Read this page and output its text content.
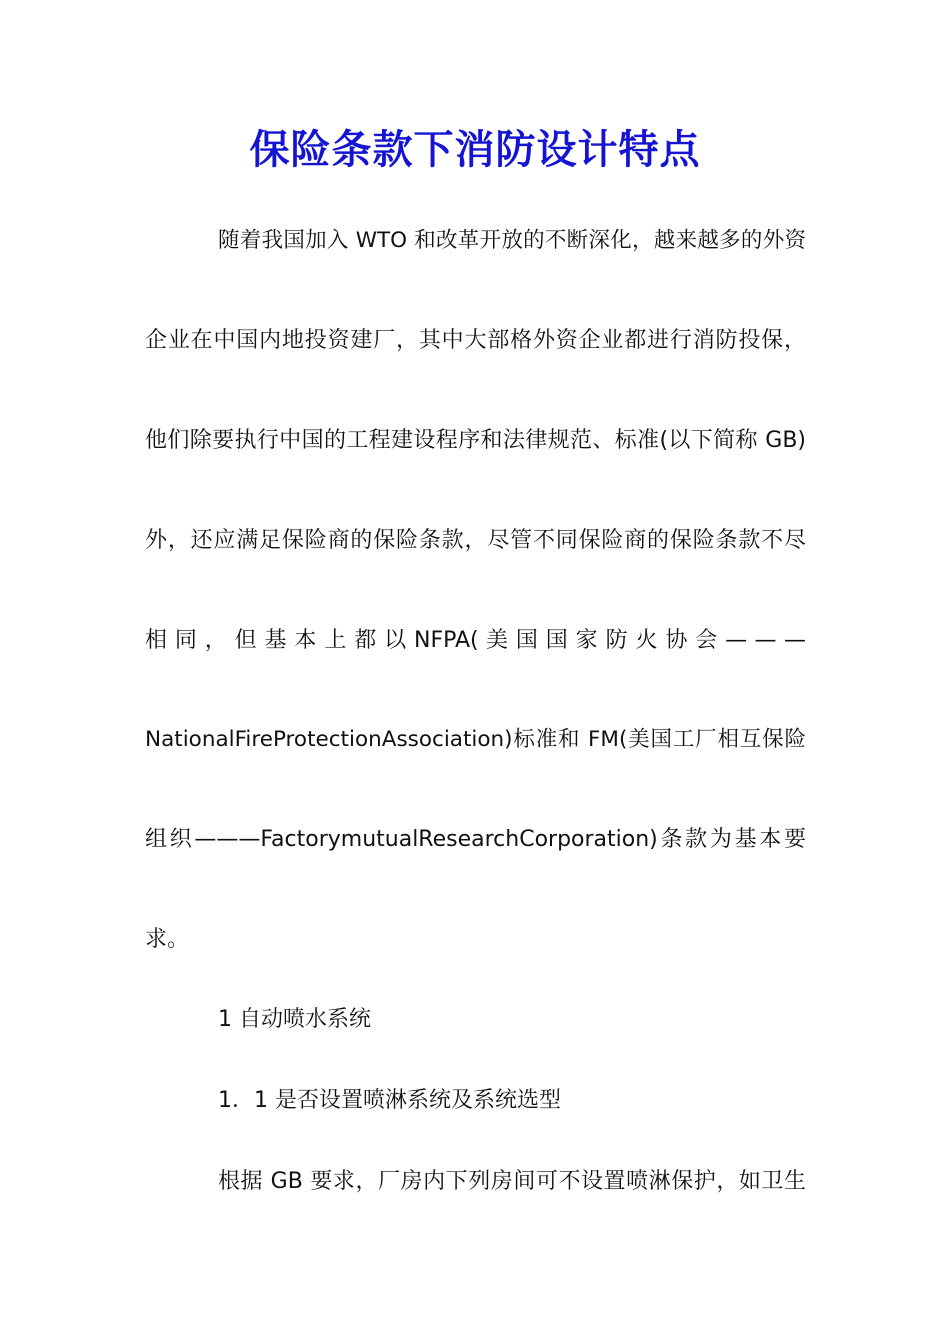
保险条款下消防设计特点
随着我国加入 WTO 和改革开放的不断深化，越来越多的外资
企业在中国内地投资建厂，其中大部格外资企业都进行消防投保，
他们除要执行中国的工程建设程序和法律规范、标准(以下简称 GB)
外，还应满足保险商的保险条款，尽管不同保险商的保险条款不尽
相 同 ， 但 基 本 上 都 以 NFPA( 美 国 国 家 防 火 协 会 — — —
NationalFireProtectionAssociation)标准和 FM(美国工厂相互保险
组织———FactorymutualResearchCorporation)条款为基本要
求。
1 自动喷水系统
1．1 是否设置喷淋系统及系统选型
根据 GB 要求，厂房内下列房间可不设置喷淋保护，如卫生
